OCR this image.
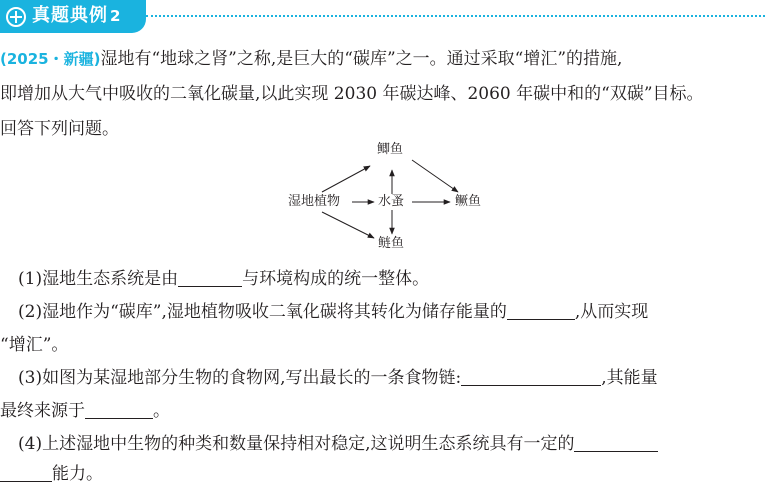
真题典例 2
(2025・新疆)湿地有“地球之肾”之称,是巨大的“碳库”之一。通过采取“增汇”的措施,
即增加从大气中吸收的二氧化碳量,以此实现 2030 年碳达峰、2060 年碳中和的“双碳”目标。
回答下列问题。
鲫鱼
湿地植物	水蚤	鳜鱼
鲢鱼
(1)湿地生态系统是由	与环境构成的统一整体。
(2)湿地作为“碳库”,湿地植物吸收二氧化碳将其转化为储存能量的	,从而实现
“增汇”。
(3)如图为某湿地部分生物的食物网,写出最长的一条食物链:	,其能量
最终来源于	。
(4)上述湿地中生物的种类和数量保持相对稳定,这说明生态系统具有一定的
能力。
